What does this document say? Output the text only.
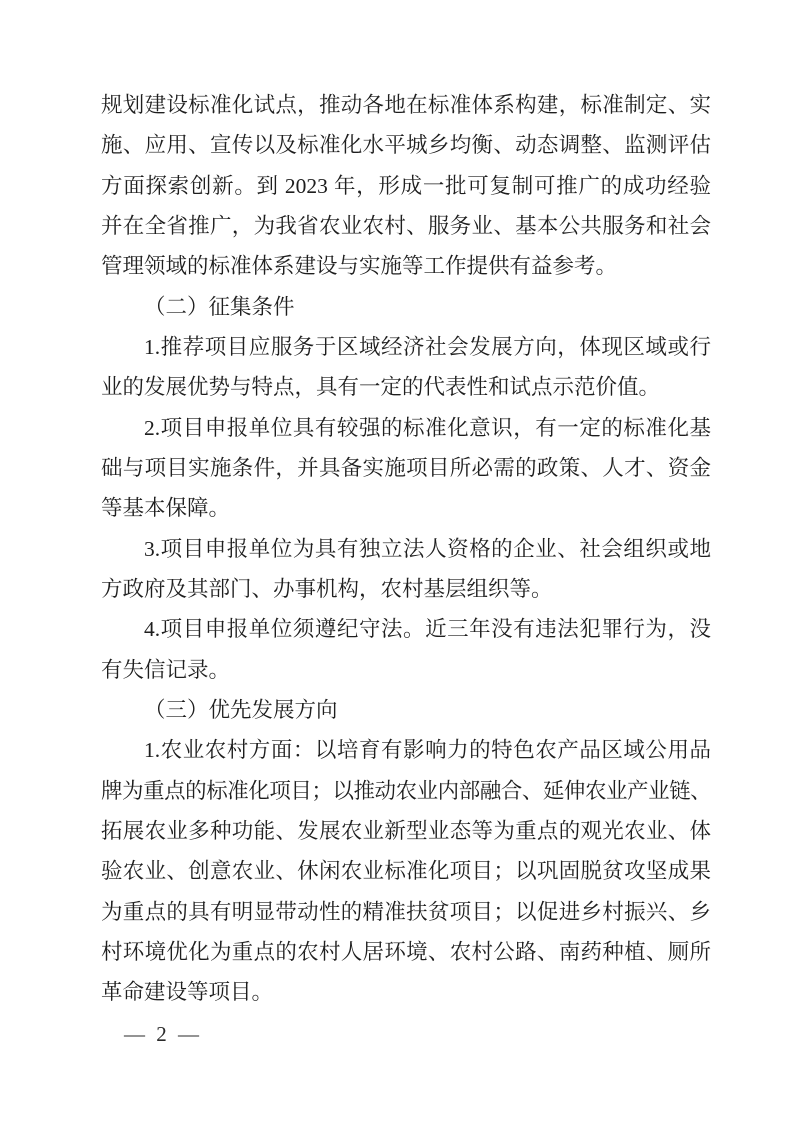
规划建设标准化试点，推动各地在标准体系构建，标准制定、实
施、应用、宣传以及标准化水平城乡均衡、动态调整、监测评估
方面探索创新。到 2023 年，形成一批可复制可推广的成功经验
并在全省推广，为我省农业农村、服务业、基本公共服务和社会
管理领域的标准体系建设与实施等工作提供有益参考。
（二）征集条件
1.推荐项目应服务于区域经济社会发展方向，体现区域或行
业的发展优势与特点，具有一定的代表性和试点示范价值。
2.项目申报单位具有较强的标准化意识，有一定的标准化基
础与项目实施条件，并具备实施项目所必需的政策、人才、资金
等基本保障。
3.项目申报单位为具有独立法人资格的企业、社会组织或地
方政府及其部门、办事机构，农村基层组织等。
4.项目申报单位须遵纪守法。近三年没有违法犯罪行为，没
有失信记录。
（三）优先发展方向
1.农业农村方面：以培育有影响力的特色农产品区域公用品
牌为重点的标准化项目；以推动农业内部融合、延伸农业产业链、
拓展农业多种功能、发展农业新型业态等为重点的观光农业、体
验农业、创意农业、休闲农业标准化项目；以巩固脱贫攻坚成果
为重点的具有明显带动性的精准扶贫项目；以促进乡村振兴、乡
村环境优化为重点的农村人居环境、农村公路、南药种植、厕所
革命建设等项目。
— 2 —
